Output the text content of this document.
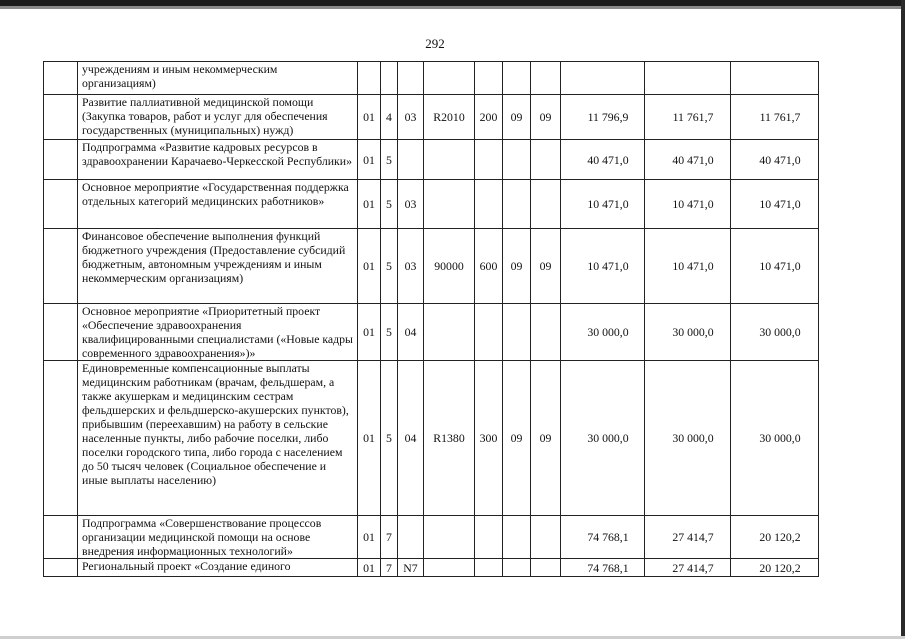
292
	учреждениям и иным некоммерческим организациям)										
	Развитие паллиативной медицинской помощи (Закупка товаров, работ и услуг для обеспечения государственных (муниципальных) нужд)	01	4	03	R2010	200	09	09	11 796,9	11 761,7	11 761,7
	Подпрограмма «Развитие кадровых ресурсов в здравоохранении Карачаево-Черкесской Республики»	01	5						40 471,0	40 471,0	40 471,0
	Основное мероприятие «Государственная поддержка отдельных категорий медицинских работников»	01	5	03					10 471,0	10 471,0	10 471,0
	Финансовое обеспечение выполнения функций бюджетного учреждения (Предоставление субсидий бюджетным, автономным учреждениям и иным некоммерческим организациям)	01	5	03	90000	600	09	09	10 471,0	10 471,0	10 471,0
	Основное мероприятие «Приоритетный проект «Обеспечение здравоохранения квалифицированными специалистами («Новые кадры современного здравоохранения»)»	01	5	04					30 000,0	30 000,0	30 000,0
	Единовременные компенсационные выплаты медицинским работникам (врачам, фельдшерам, а также акушеркам и медицинским сестрам фельдшерских и фельдшерско-акушерских пунктов), прибывшим (переехавшим) на работу в сельские населенные пункты, либо рабочие поселки, либо поселки городского типа, либо города с населением до 50 тысяч человек (Социальное обеспечение и иные выплаты населению)	01	5	04	R1380	300	09	09	30 000,0	30 000,0	30 000,0
	Подпрограмма «Совершенствование процессов организации медицинской помощи на основе внедрения информационных технологий»	01	7						74 768,1	27 414,7	20 120,2
	Региональный проект «Создание единого	01	7	N7					74 768,1	27 414,7	20 120,2
